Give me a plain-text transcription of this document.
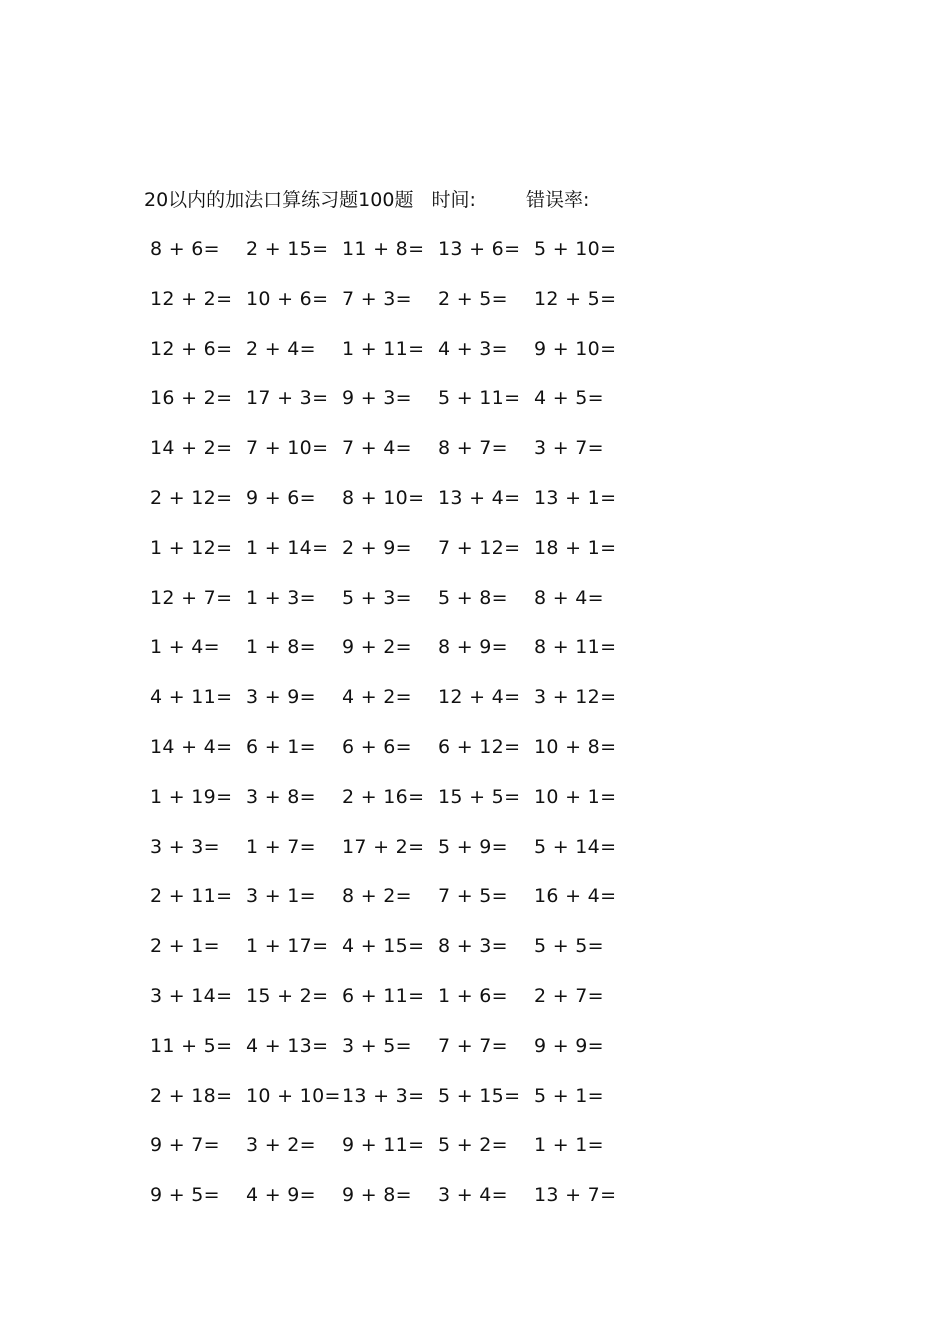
20以内的加法口算练习题100题 时间:	错误率:
8 + 6= 2 + 15= 11 + 8= 13 + 6= 5 + 10=
12 + 2= 10 + 6= 7 + 3= 2 + 5= 12 + 5=
12 + 6= 2 + 4= 1 + 11= 4 + 3= 9 + 10=
16 + 2= 17 + 3= 9 + 3= 5 + 11= 4 + 5=
14 + 2= 7 + 10= 7 + 4= 8 + 7= 3 + 7=
2 + 12= 9 + 6= 8 + 10= 13 + 4= 13 + 1=
1 + 12= 1 + 14= 2 + 9= 7 + 12= 18 + 1=
12 + 7= 1 + 3= 5 + 3= 5 + 8= 8 + 4=
1 + 4= 1 + 8= 9 + 2= 8 + 9= 8 + 11=
4 + 11= 3 + 9= 4 + 2= 12 + 4= 3 + 12=
14 + 4= 6 + 1= 6 + 6= 6 + 12= 10 + 8=
1 + 19= 3 + 8= 2 + 16= 15 + 5= 10 + 1=
3 + 3= 1 + 7= 17 + 2= 5 + 9= 5 + 14=
2 + 11= 3 + 1= 8 + 2= 7 + 5= 16 + 4=
2 + 1= 1 + 17= 4 + 15= 8 + 3= 5 + 5=
3 + 14= 15 + 2= 6 + 11= 1 + 6= 2 + 7=
11 + 5= 4 + 13= 3 + 5= 7 + 7= 9 + 9=
2 + 18= 10 + 10= 13 + 3= 5 + 15= 5 + 1=
9 + 7= 3 + 2= 9 + 11= 5 + 2= 1 + 1=
9 + 5= 4 + 9= 9 + 8= 3 + 4= 13 + 7=
